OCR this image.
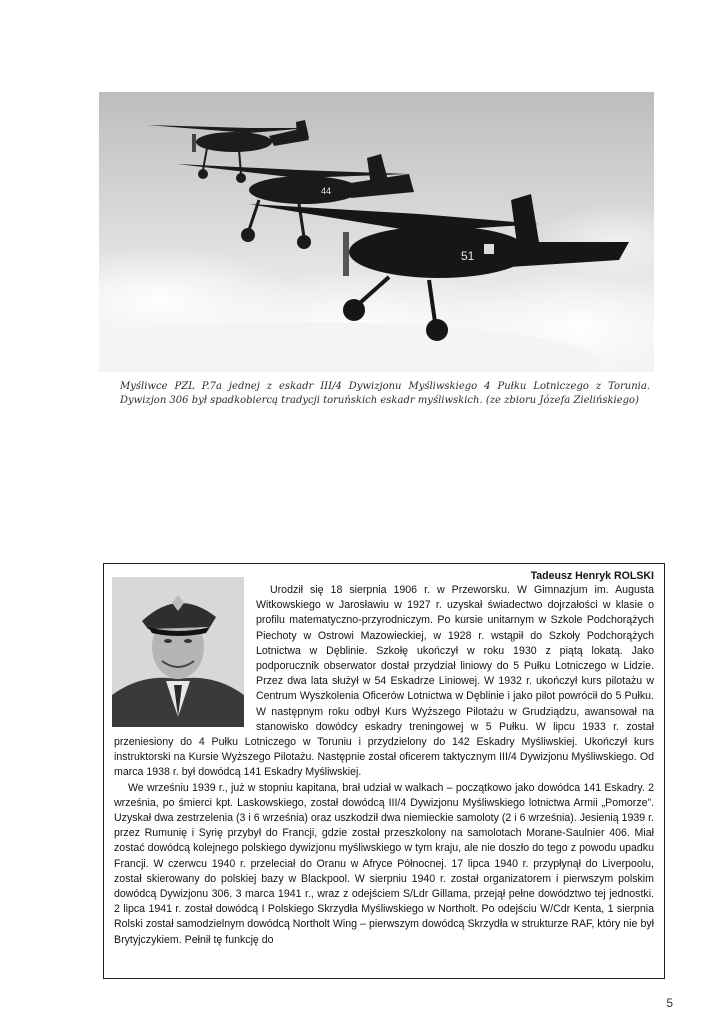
44
51

Myśliwce PZL P.7a jednej z eskadr III/4 Dywizjonu Myśliwskiego 4 Pułku Lotniczego z Torunia. Dywizjon 306 był spadkobiercą tradycji toruńskich eskadr myśliwskich. (ze zbioru Józefa Zielińskiego)

Tadeusz Henryk ROLSKI

Urodził się 18 sierpnia 1906 r. w Przeworsku. W Gimnazjum im. Augusta Witkowskiego w Jarosławiu w 1927 r. uzyskał świadectwo dojrzałości w klasie o profilu matematyczno-przyrodniczym. Po kursie unitarnym w Szkole Podchorążych Piechoty w Ostrowi Mazowieckiej, w 1928 r. wstąpił do Szkoły Podchorążych Lotnictwa w Dęblinie. Szkołę ukończył w roku 1930 z piątą lokatą. Jako podporucznik obserwator dostał przydział liniowy do 5 Pułku Lotniczego w Lidzie. Przez dwa lata służył w 54 Eskadrze Liniowej. W 1932 r. ukończył kurs pilotażu w Centrum Wyszkolenia Oficerów Lotnictwa w Dęblinie i jako pilot powrócił do 5 Pułku. W następnym roku odbył Kurs Wyższego Pilotażu w Grudziądzu, awansował na stanowisko dowódcy eskadry treningowej w 5 Pułku. W lipcu 1933 r. został przeniesiony do 4 Pułku Lotniczego w Toruniu i przydzielony do 142 Eskadry Myśliwskiej. Ukończył kurs instruktorski na Kursie Wyższego Pilotażu. Następnie został oficerem taktycznym III/4 Dywizjonu Myśliwskiego. Od marca 1938 r. był dowódcą 141 Eskadry Myśliwskiej.

We wrześniu 1939 r., już w stopniu kapitana, brał udział w walkach – początkowo jako dowódca 141 Eskadry. 2 września, po śmierci kpt. Laskowskiego, został dowódcą III/4 Dywizjonu Myśliwskiego lotnictwa Armii „Pomorze”. Uzyskał dwa zestrzelenia (3 i 6 września) oraz uszkodził dwa niemieckie samoloty (2 i 6 września). Jesienią 1939 r. przez Rumunię i Syrię przybył do Francji, gdzie został przeszkolony na samolotach Morane-Saulnier 406. Miał zostać dowódcą kolejnego polskiego dywizjonu myśliwskiego w tym kraju, ale nie doszło do tego z powodu upadku Francji. W czerwcu 1940 r. przeleciał do Oranu w Afryce Północnej. 17 lipca 1940 r. przypłynął do Liverpoolu, został skierowany do polskiej bazy w Blackpool. W sierpniu 1940 r. został organizatorem i pierwszym polskim dowódcą Dywizjonu 306. 3 marca 1941 r., wraz z odejściem S/Ldr Gillama, przejął pełne dowództwo tej jednostki. 2 lipca 1941 r. został dowódcą I Polskiego Skrzydła Myśliwskiego w Northolt. Po odejściu W/Cdr Kenta, 1 sierpnia Rolski został samodzielnym dowódcą Northolt Wing – pierwszym dowódcą Skrzydła w strukturze RAF, który nie był Brytyjczykiem. Pełnił tę funkcję do

5
